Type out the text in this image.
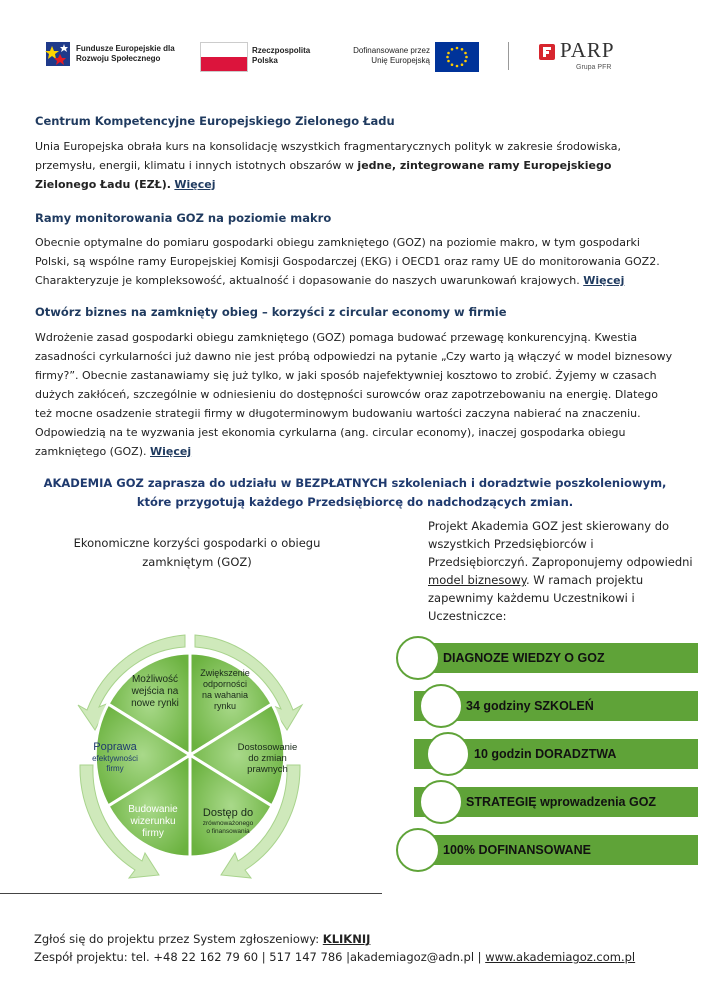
Fundusze Europejskie dla Rozwoju Społecznego
Rzeczpospolita Polska
Dofinansowane przez Unię Europejską	PARP
Grupa PFR
Centrum Kompetencyjne Europejskiego Zielonego Ładu

Unia Europejska obrała kurs na konsolidację wszystkich fragmentarycznych polityk w zakresie środowiska, przemysłu, energii, klimatu i innych istotnych obszarów w jedne, zintegrowane ramy Europejskiego Zielonego Ładu (EZŁ). Więcej

Ramy monitorowania GOZ na poziomie makro

Obecnie optymalne do pomiaru gospodarki obiegu zamkniętego (GOZ) na poziomie makro, w tym gospodarki Polski, są wspólne ramy Europejskiej Komisji Gospodarczej (EKG) i OECD1 oraz ramy UE do monitorowania GOZ2. Charakteryzuje je kompleksowość, aktualność i dopasowanie do naszych uwarunkowań krajowych. Więcej

Otwórz biznes na zamknięty obieg – korzyści z circular economy w firmie

Wdrożenie zasad gospodarki obiegu zamkniętego (GOZ) pomaga budować przewagę konkurencyjną. Kwestia zasadności cyrkularności już dawno nie jest próbą odpowiedzi na pytanie „Czy warto ją włączyć w model biznesowy firmy?”. Obecnie zastanawiamy się już tylko, w jaki sposób najefektywniej kosztowo to zrobić. Żyjemy w czasach dużych zakłóceń, szczególnie w odniesieniu do dostępności surowców oraz zapotrzebowaniu na energię. Dlatego też mocne osadzenie strategii firmy w długoterminowym budowaniu wartości zaczyna nabierać na znaczeniu. Odpowiedzią na te wyzwania jest ekonomia cyrkularna (ang. circular economy), inaczej gospodarka obiegu zamkniętego (GOZ). Więcej

AKADEMIA GOZ zaprasza do udziału w BEZPŁATNYCH szkoleniach i doradztwie poszkoleniowym, które przygotują każdego Przedsiębiorcę do nadchodzących zmian.

Ekonomiczne korzyści gospodarki o obiegu zamkniętym (GOZ)
Możliwość
wejścia na
nowe rynki
Zwiększenie
odporności
na wahania
rynku
Dostosowanie
do zmian
prawnych
Dostęp do
zrównoważonego
o finansowania
Budowanie
wizerunku
firmy
Poprawa
efektywności
firmy
Projekt Akademia GOZ jest skierowany do wszystkich Przedsiębiorców i Przedsiębiorczyń. Zaproponujemy odpowiedni model biznesowy. W ramach projektu zapewnimy każdemu Uczestnikowi i Uczestniczce:
DIAGNOZE WIEDZY O GOZ
34 godziny SZKOLEŃ
10 godzin DORADZTWA
STRATEGIĘ wprowadzenia GOZ
100% DOFINANSOWANE
Zgłoś się do projektu przez System zgłoszeniowy: KLIKNIJ
Zespół projektu: tel. +48 22 162 79 60 | 517 147 786 |akademiagoz@adn.pl | www.akademiagoz.com.pl
